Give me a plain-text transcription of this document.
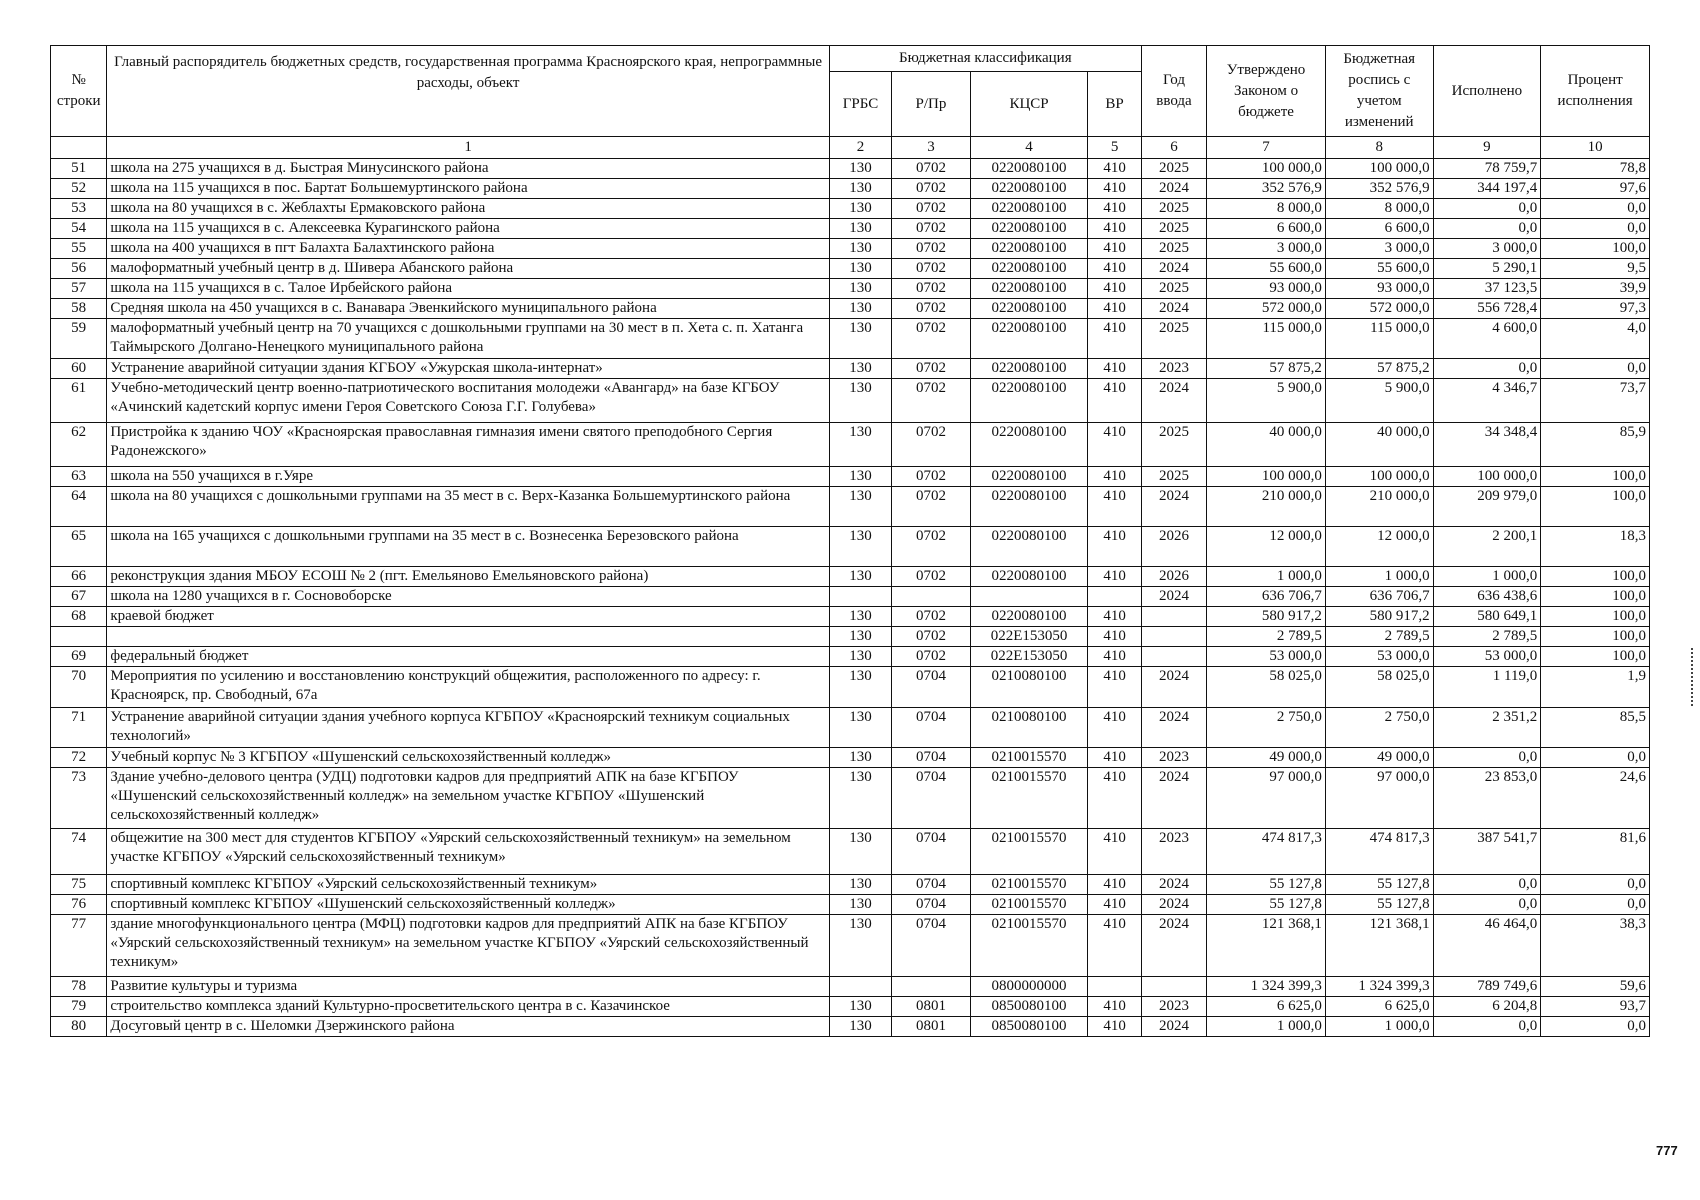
№ строки	Главный распорядитель бюджетных средств, государственная программа Красноярского края, непрограммные расходы, объект	Бюджетная классификация				Год ввода	Утверждено Законом о бюджете	Бюджетная роспись с учетом изменений	Исполнено	Процент исполнения
		ГРБС	Р/Пр	КЦСР	ВР					
	1	2	3	4	5	6	7	8	9	10
51	школа на 275 учащихся в д. Быстрая Минусинского района	130	0702	0220080100	410	2025	100 000,0	100 000,0	78 759,7	78,8
52	школа на 115 учащихся в пос. Бартат Большемуртинского района	130	0702	0220080100	410	2024	352 576,9	352 576,9	344 197,4	97,6
53	школа на 80 учащихся в с. Жеблахты Ермаковского района	130	0702	0220080100	410	2025	8 000,0	8 000,0	0,0	0,0
54	школа на 115 учащихся в с. Алексеевка Курагинского района	130	0702	0220080100	410	2025	6 600,0	6 600,0	0,0	0,0
55	школа на 400 учащихся в пгт Балахта Балахтинского района	130	0702	0220080100	410	2025	3 000,0	3 000,0	3 000,0	100,0
56	малоформатный учебный центр в д. Шивера Абанского района	130	0702	0220080100	410	2024	55 600,0	55 600,0	5 290,1	9,5
57	школа на 115 учащихся в с. Талое Ирбейского района	130	0702	0220080100	410	2025	93 000,0	93 000,0	37 123,5	39,9
58	Средняя школа на 450 учащихся в с. Ванавара Эвенкийского муниципального района	130	0702	0220080100	410	2024	572 000,0	572 000,0	556 728,4	97,3
59	малоформатный учебный центр на 70 учащихся с дошкольными группами на 30 мест в п. Хета с. п. Хатанга Таймырского Долгано-Ненецкого муниципального района	130	0702	0220080100	410	2025	115 000,0	115 000,0	4 600,0	4,0
60	Устранение аварийной ситуации здания КГБОУ «Ужурская школа-интернат»	130	0702	0220080100	410	2023	57 875,2	57 875,2	0,0	0,0
61	Учебно-методический центр военно-патриотического воспитания молодежи «Авангард» на базе КГБОУ «Ачинский кадетский корпус имени Героя Советского Союза Г.Г. Голубева»	130	0702	0220080100	410	2024	5 900,0	5 900,0	4 346,7	73,7
62	Пристройка к зданию ЧОУ «Красноярская православная гимназия имени святого преподобного Сергия Радонежского»	130	0702	0220080100	410	2025	40 000,0	40 000,0	34 348,4	85,9
63	школа на 550 учащихся в г.Уяре	130	0702	0220080100	410	2025	100 000,0	100 000,0	100 000,0	100,0
64	школа на 80 учащихся с дошкольными группами на 35 мест в с. Верх-Казанка Большемуртинского района	130	0702	0220080100	410	2024	210 000,0	210 000,0	209 979,0	100,0
65	школа на 165 учащихся с дошкольными группами на 35 мест в с. Вознесенка Березовского района	130	0702	0220080100	410	2026	12 000,0	12 000,0	2 200,1	18,3
66	реконструкция здания МБОУ ЕСОШ № 2 (пгт. Емельяново Емельяновского района)	130	0702	0220080100	410	2026	1 000,0	1 000,0	1 000,0	100,0
67	школа на 1280 учащихся в г. Сосновоборске					2024	636 706,7	636 706,7	636 438,6	100,0
68	краевой бюджет	130	0702	0220080100	410		580 917,2	580 917,2	580 649,1	100,0
		130	0702	022Е153050	410		2 789,5	2 789,5	2 789,5	100,0
69	федеральный бюджет	130	0702	022Е153050	410		53 000,0	53 000,0	53 000,0	100,0
70	Мероприятия по усилению и восстановлению конструкций общежития, расположенного по адресу: г. Красноярск, пр. Свободный, 67а	130	0704	0210080100	410	2024	58 025,0	58 025,0	1 119,0	1,9
71	Устранение аварийной ситуации здания учебного корпуса КГБПОУ «Красноярский техникум социальных технологий»	130	0704	0210080100	410	2024	2 750,0	2 750,0	2 351,2	85,5
72	Учебный корпус № 3 КГБПОУ «Шушенский сельскохозяйственный колледж»	130	0704	0210015570	410	2023	49 000,0	49 000,0	0,0	0,0
73	Здание учебно-делового центра (УДЦ) подготовки кадров для предприятий АПК на базе КГБПОУ «Шушенский сельскохозяйственный колледж» на земельном участке КГБПОУ «Шушенский сельскохозяйственный колледж»	130	0704	0210015570	410	2024	97 000,0	97 000,0	23 853,0	24,6
74	общежитие на 300 мест для студентов КГБПОУ «Уярский сельскохозяйственный техникум» на земельном участке КГБПОУ «Уярский сельскохозяйственный техникум»	130	0704	0210015570	410	2023	474 817,3	474 817,3	387 541,7	81,6
75	спортивный комплекс КГБПОУ «Уярский сельскохозяйственный техникум»	130	0704	0210015570	410	2024	55 127,8	55 127,8	0,0	0,0
76	спортивный комплекс КГБПОУ «Шушенский сельскохозяйственный колледж»	130	0704	0210015570	410	2024	55 127,8	55 127,8	0,0	0,0
77	здание многофункционального центра (МФЦ) подготовки кадров для предприятий АПК на базе КГБПОУ «Уярский сельскохозяйственный техникум» на земельном участке КГБПОУ «Уярский сельскохозяйственный техникум»	130	0704	0210015570	410	2024	121 368,1	121 368,1	46 464,0	38,3
78	Развитие культуры и туризма			0800000000			1 324 399,3	1 324 399,3	789 749,6	59,6
79	строительство комплекса зданий Культурно-просветительского центра в с. Казачинское	130	0801	0850080100	410	2023	6 625,0	6 625,0	6 204,8	93,7
80	Досуговый центр в с. Шеломки Дзержинского района	130	0801	0850080100	410	2024	1 000,0	1 000,0	0,0	0,0
777
